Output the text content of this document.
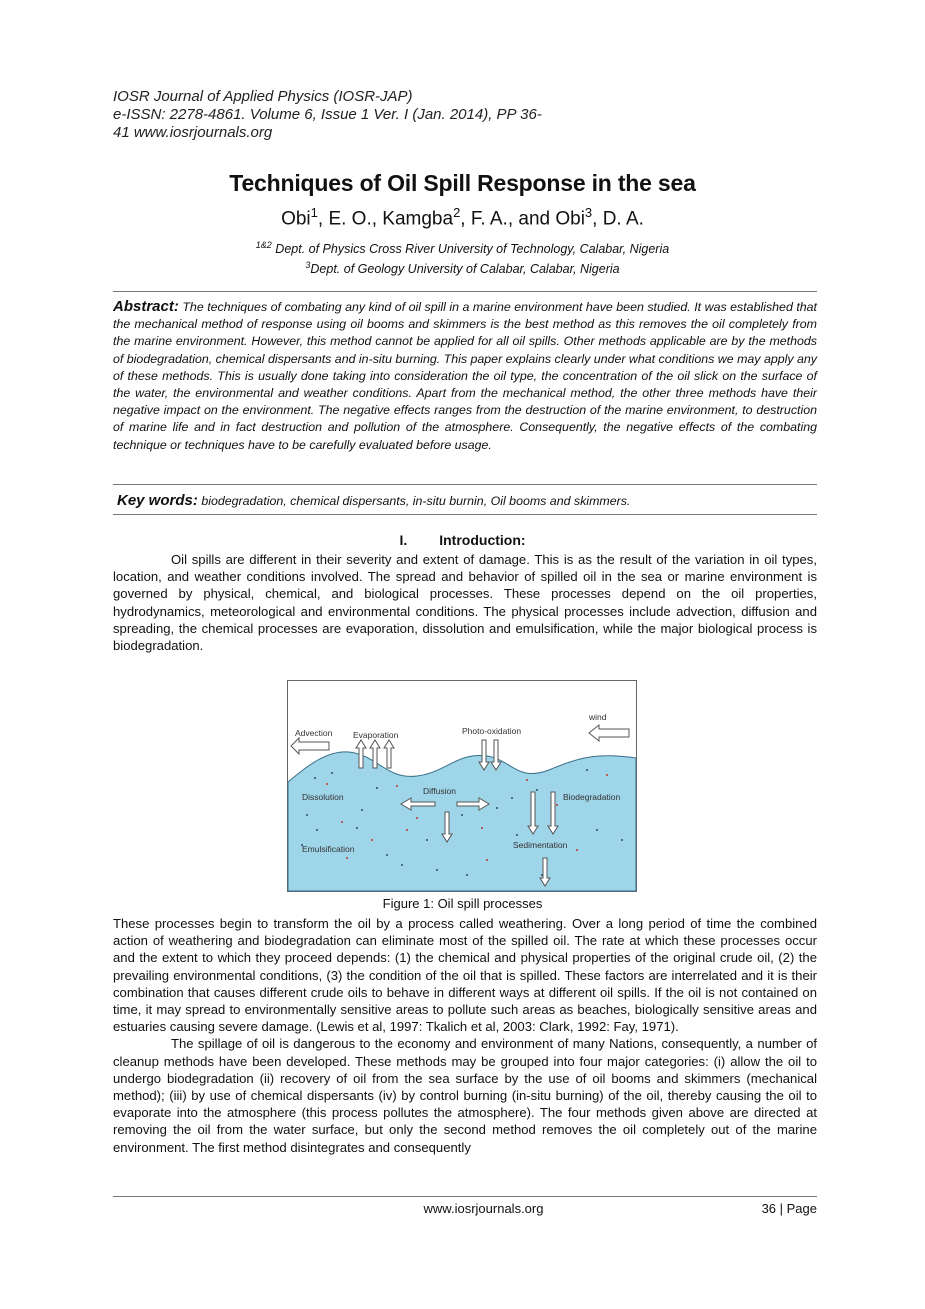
IOSR Journal of Applied Physics (IOSR-JAP)
e-ISSN: 2278-4861. Volume 6, Issue 1 Ver. I (Jan. 2014), PP 36-
41 www.iosrjournals.org
Techniques of Oil Spill Response in the sea
Obi$^1$, E. O., Kamgba$^2$, F. A., and Obi$^3$, D. A.
$^{1\&2}$ Dept. of Physics Cross River University of Technology, Calabar, Nigeria
$^3$Dept. of Geology University of Calabar, Calabar, Nigeria
Abstract: The techniques of combating any kind of oil spill in a marine environment have been studied. It was established that the mechanical method of response using oil booms and skimmers is the best method as this removes the oil completely from the marine environment. However, this method cannot be applied for all oil spills. Other methods applicable are by the methods of biodegradation, chemical dispersants and in-situ burning. This paper explains clearly under what conditions we may apply any of these methods. This is usually done taking into consideration the oil type, the concentration of the oil slick on the surface of the water, the environmental and weather conditions. Apart from the mechanical method, the other three methods have their negative impact on the environment. The negative effects ranges from the destruction of the marine environment, to destruction of marine life and in fact destruction and pollution of the atmosphere. Consequently, the negative effects of the combating technique or techniques have to be carefully evaluated before usage.
Key words: biodegradation, chemical dispersants, in-situ burnin, Oil booms and skimmers.
I. Introduction:

Oil spills are different in their severity and extent of damage. This is as the result of the variation in oil types, location, and weather conditions involved. The spread and behavior of spilled oil in the sea or marine environment is governed by physical, chemical, and biological processes. These processes depend on the oil properties, hydrodynamics, meteorological and environmental conditions. The physical processes include advection, diffusion and spreading, the chemical processes are evaporation, dissolution and emulsification, while the major biological process is biodegradation.

Advection Evaporation	Photo-oxidation
wind
Dissolution
Diffusion
Biodegradation
Emulsification	Sedimentation
Figure 1: Oil spill processes

These processes begin to transform the oil by a process called weathering. Over a long period of time the combined action of weathering and biodegradation can eliminate most of the spilled oil. The rate at which these processes occur and the extent to which they proceed depends: (1) the chemical and physical properties of the original crude oil, (2) the prevailing environmental conditions, (3) the condition of the oil that is spilled. These factors are interrelated and it is their combination that causes different crude oils to behave in different ways at different oil spills. If the oil is not contained on time, it may spread to environmentally sensitive areas to pollute such areas as beaches, biologically sensitive areas and estuaries causing severe damage. (Lewis et al, 1997: Tkalich et al, 2003: Clark, 1992: Fay, 1971).

The spillage of oil is dangerous to the economy and environment of many Nations, consequently, a number of cleanup methods have been developed. These methods may be grouped into four major categories: (i) allow the oil to undergo biodegradation (ii) recovery of oil from the sea surface by the use of oil booms and skimmers (mechanical method); (iii) by use of chemical dispersants (iv) by control burning (in-situ burning) of the oil, thereby causing the oil to evaporate into the atmosphere (this process pollutes the atmosphere). The four methods given above are directed at removing the oil from the water surface, but only the second method removes the oil completely out of the marine environment. The first method disintegrates and consequently

www.iosrjournals.org	36 | Page
